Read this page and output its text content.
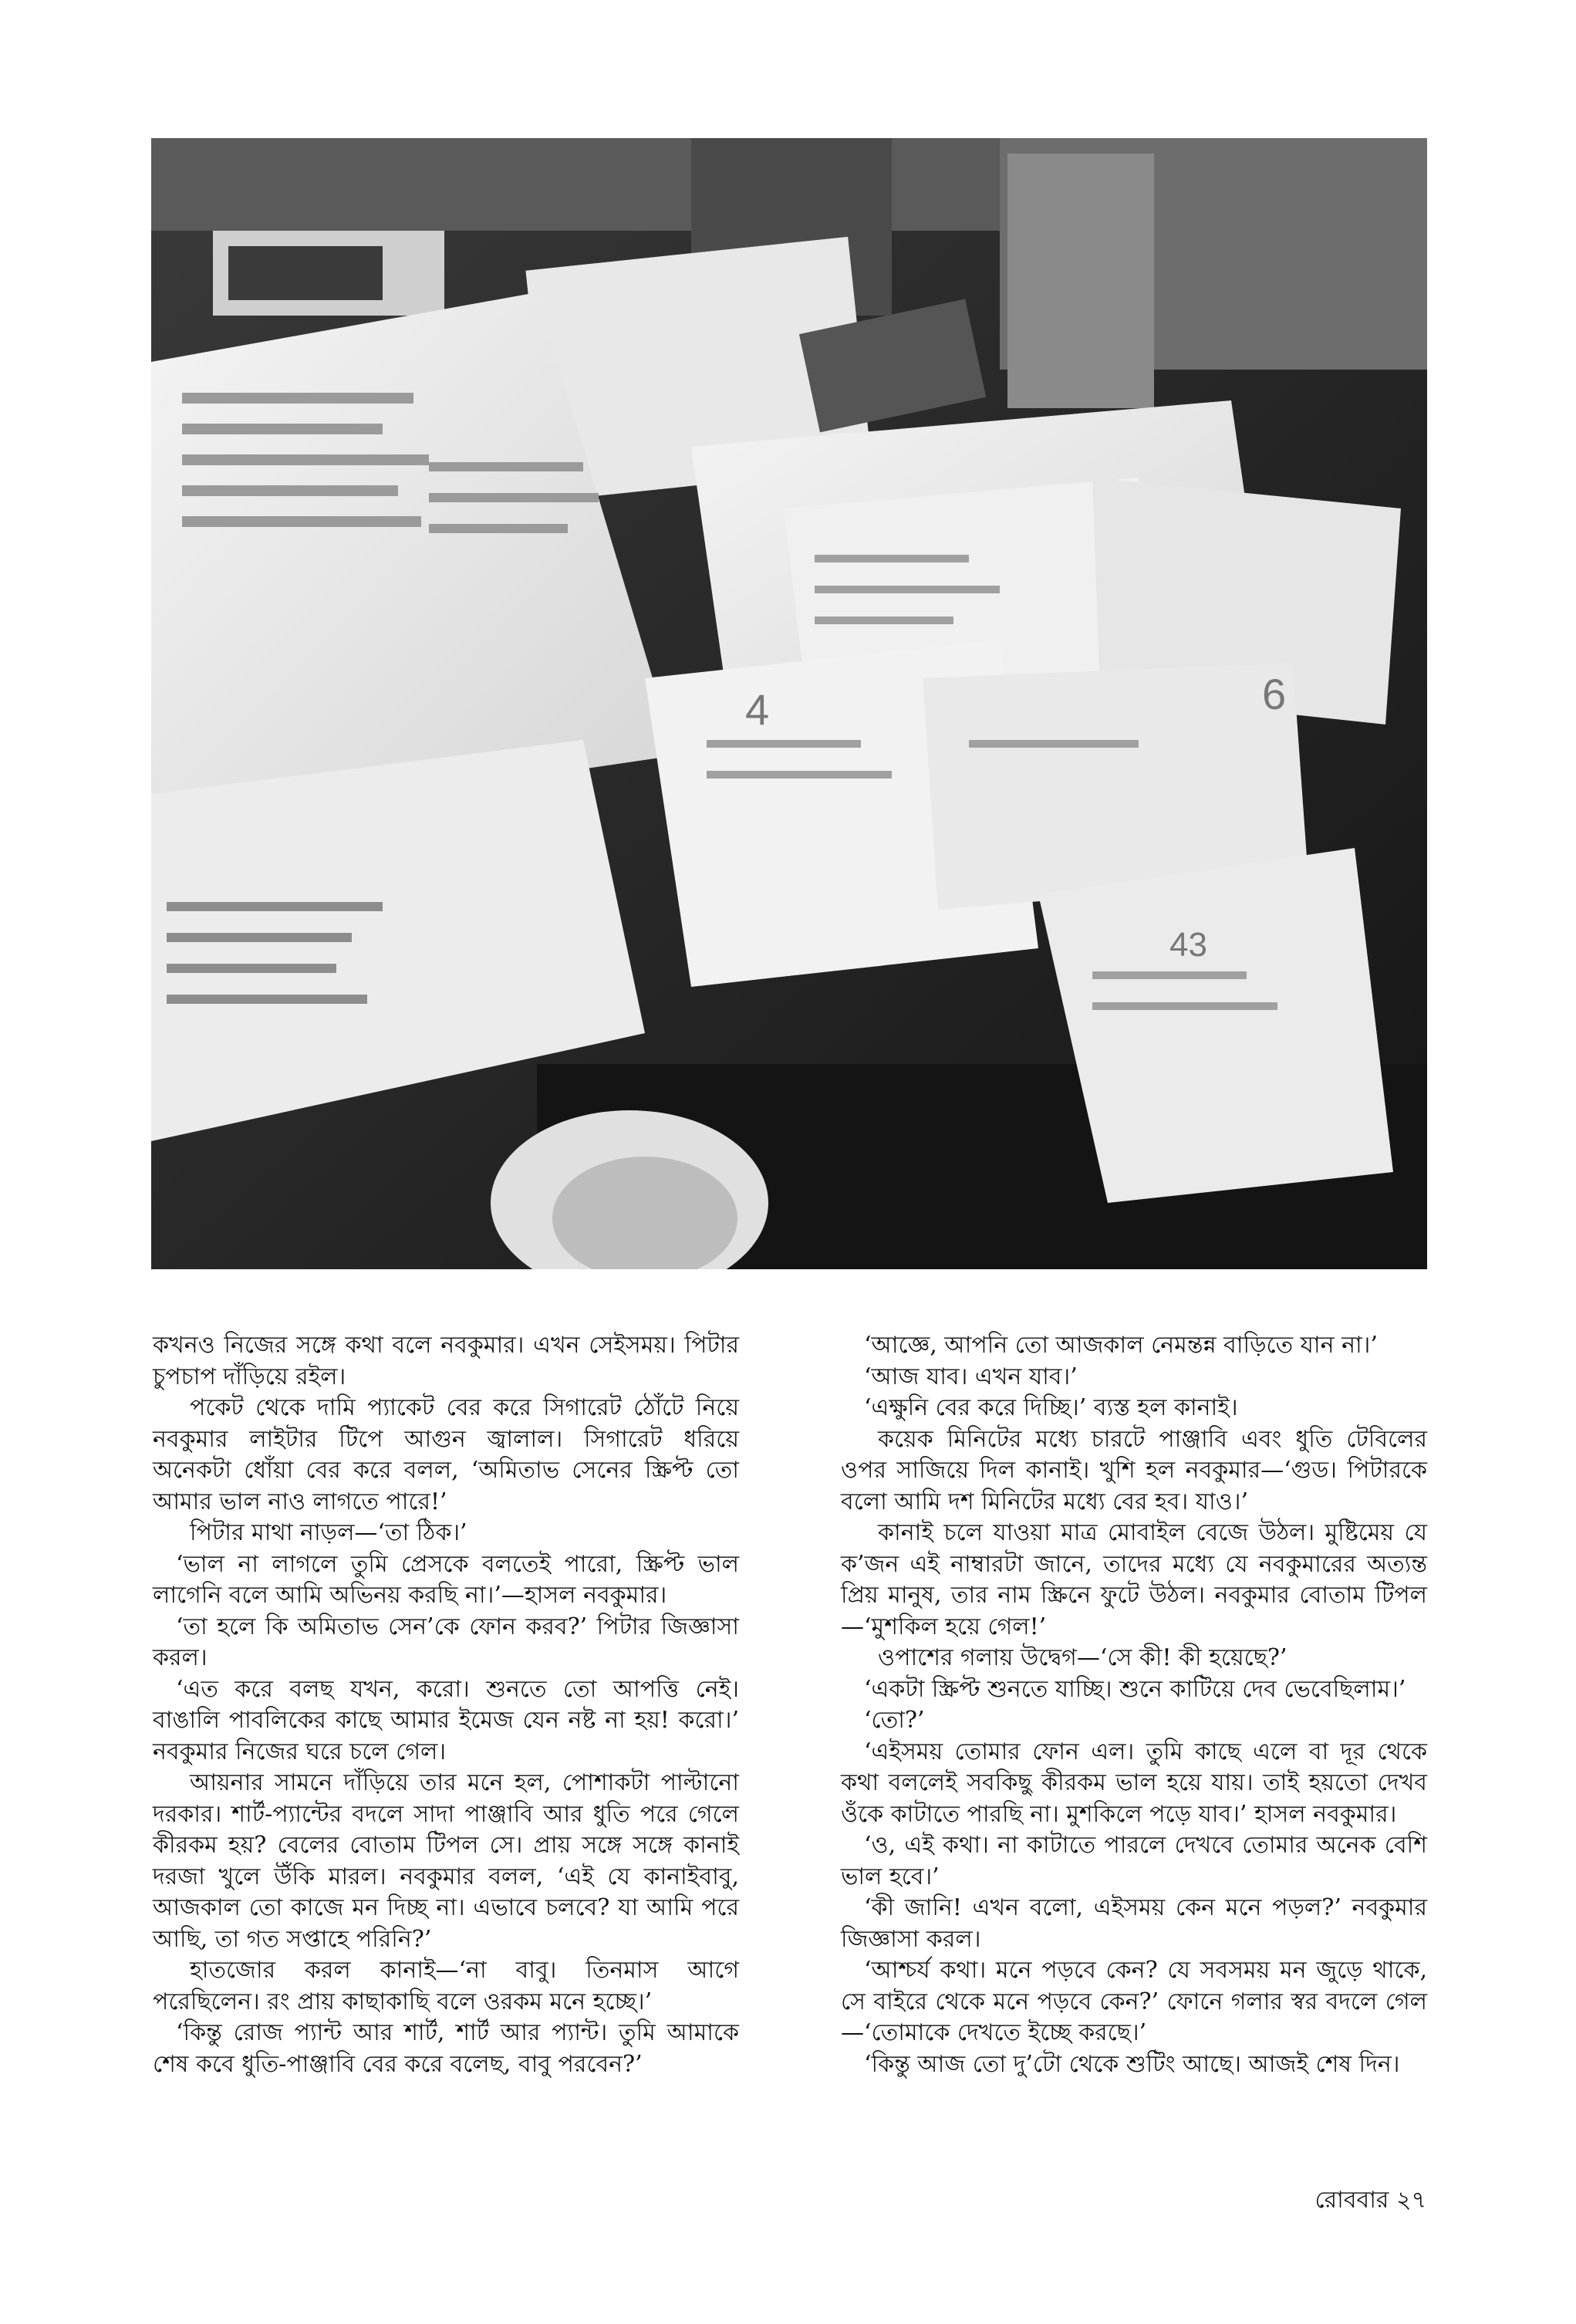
4	6
43

কখনও নিজের সঙ্গে কথা বলে নবকুমার। এখন সেইসময়। পিটার চুপচাপ দাঁড়িয়ে রইল।

পকেট থেকে দামি প্যাকেট বের করে সিগারেট ঠোঁটে নিয়ে নবকুমার লাইটার টিপে আগুন জ্বালাল। সিগারেট ধরিয়ে অনেকটা ধোঁয়া বের করে বলল, ‘অমিতাভ সেনের স্ক্রিপ্ট তো আমার ভাল নাও লাগতে পারে!’

পিটার মাথা নাড়ল—‘তা ঠিক।’

‘ভাল না লাগলে তুমি প্রেসকে বলতেই পারো, স্ক্রিপ্ট ভাল লাগেনি বলে আমি অভিনয় করছি না।’—হাসল নবকুমার।

‘তা হলে কি অমিতাভ সেন’কে ফোন করব?’ পিটার জিজ্ঞাসা করল।

‘এত করে বলছ যখন, করো। শুনতে তো আপত্তি নেই। বাঙালি পাবলিকের কাছে আমার ইমেজ যেন নষ্ট না হয়! করো।’ নবকুমার নিজের ঘরে চলে গেল।

আয়নার সামনে দাঁড়িয়ে তার মনে হল, পোশাকটা পাল্টানো দরকার। শার্ট-প্যান্টের বদলে সাদা পাঞ্জাবি আর ধুতি পরে গেলে কীরকম হয়? বেলের বোতাম টিপল সে। প্রায় সঙ্গে সঙ্গে কানাই দরজা খুলে উঁকি মারল। নবকুমার বলল, ‘এই যে কানাইবাবু, আজকাল তো কাজে মন দিচ্ছ না। এভাবে চলবে? যা আমি পরে আছি, তা গত সপ্তাহে পরিনি?’

হাতজোর করল কানাই—‘না বাবু। তিনমাস আগে পরেছিলেন। রং প্রায় কাছাকাছি বলে ওরকম মনে হচ্ছে।’

‘কিন্তু রোজ প্যান্ট আর শার্ট, শার্ট আর প্যান্ট। তুমি আমাকে শেষ কবে ধুতি-পাঞ্জাবি বের করে বলেছ, বাবু পরবেন?’

‘আজ্ঞে, আপনি তো আজকাল নেমন্তন্ন বাড়িতে যান না।’

‘আজ যাব। এখন যাব।’

‘এক্ষুনি বের করে দিচ্ছি।’ ব্যস্ত হল কানাই।

কয়েক মিনিটের মধ্যে চারটে পাঞ্জাবি এবং ধুতি টেবিলের ওপর সাজিয়ে দিল কানাই। খুশি হল নবকুমার—‘গুড। পিটারকে বলো আমি দশ মিনিটের মধ্যে বের হব। যাও।’

কানাই চলে যাওয়া মাত্র মোবাইল বেজে উঠল। মুষ্টিমেয় যে ক’জন এই নাম্বারটা জানে, তাদের মধ্যে যে নবকুমারের অত্যন্ত প্রিয় মানুষ, তার নাম স্ক্রিনে ফুটে উঠল। নবকুমার বোতাম টিপল—‘মুশকিল হয়ে গেল!’

ওপাশের গলায় উদ্বেগ—‘সে কী! কী হয়েছে?’

‘একটা স্ক্রিপ্ট শুনতে যাচ্ছি। শুনে কাটিয়ে দেব ভেবেছিলাম।’

‘তো?’

‘এইসময় তোমার ফোন এল। তুমি কাছে এলে বা দূর থেকে কথা বললেই সবকিছু কীরকম ভাল হয়ে যায়। তাই হয়তো দেখব ওঁকে কাটাতে পারছি না। মুশকিলে পড়ে যাব।’ হাসল নবকুমার।

‘ও, এই কথা। না কাটাতে পারলে দেখবে তোমার অনেক বেশি ভাল হবে।’

‘কী জানি! এখন বলো, এইসময় কেন মনে পড়ল?’ নবকুমার জিজ্ঞাসা করল।

‘আশ্চর্য কথা। মনে পড়বে কেন? যে সবসময় মন জুড়ে থাকে, সে বাইরে থেকে মনে পড়বে কেন?’ ফোনে গলার স্বর বদলে গেল—‘তোমাকে দেখতে ইচ্ছে করছে।’

‘কিন্তু আজ তো দু’টো থেকে শুটিং আছে। আজই শেষ দিন।

রোববার ২৭
